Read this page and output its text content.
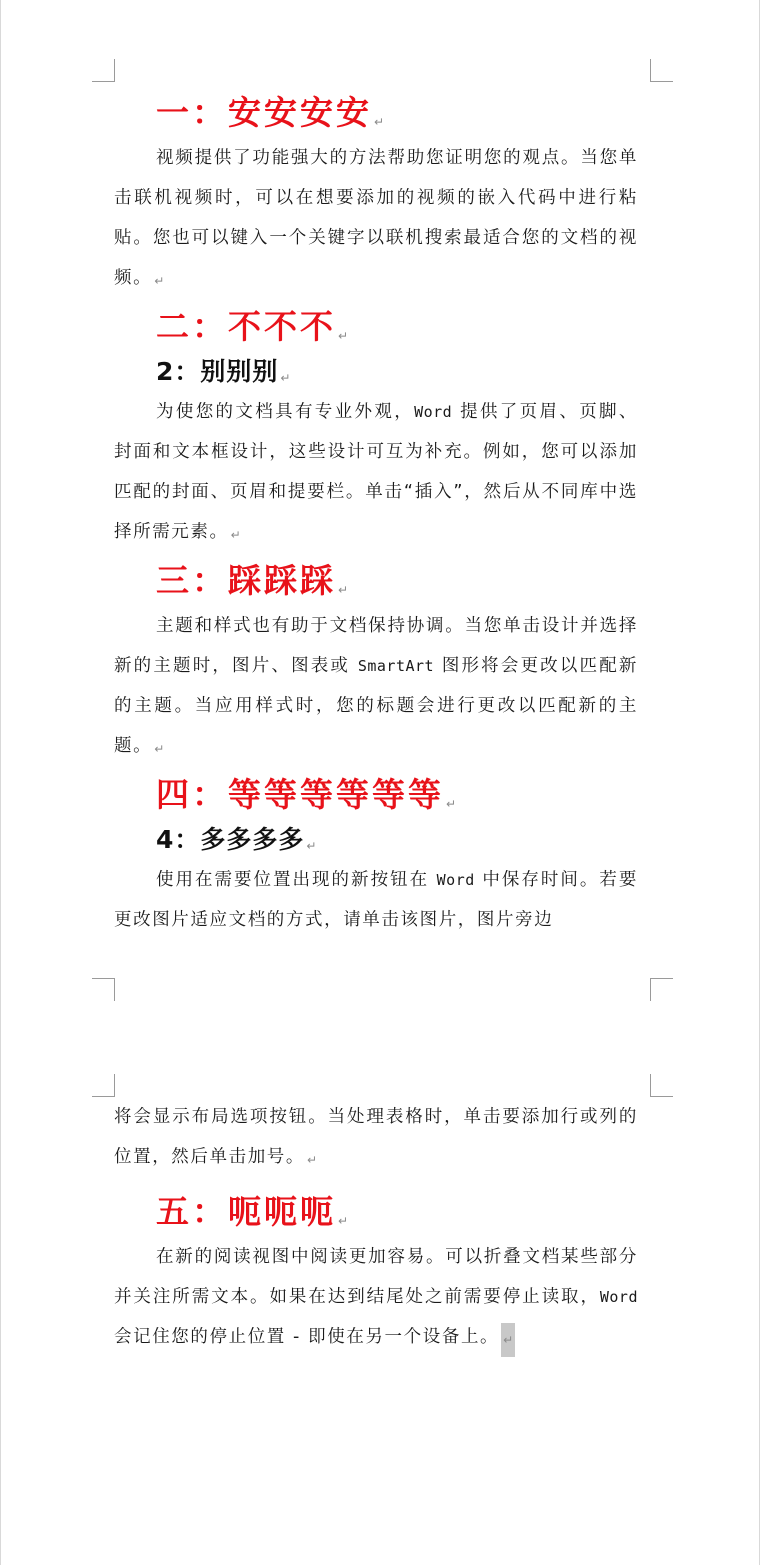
一：安安安安 ↵

视频提供了功能强大的方法帮助您证明您的观点。当您单击联机视频时，可以在想要添加的视频的嵌入代码中进行粘贴。您也可以键入一个关键字以联机搜索最适合您的文档的视频。 ↵

二：不不不 ↵
2：别别别 ↵

为使您的文档具有专业外观，Word 提供了页眉、页脚、封面和文本框设计，这些设计可互为补充。例如，您可以添加匹配的封面、页眉和提要栏。单击“插入”，然后从不同库中选择所需元素。 ↵

三：踩踩踩 ↵

主题和样式也有助于文档保持协调。当您单击设计并选择新的主题时，图片、图表或 SmartArt 图形将会更改以匹配新的主题。当应用样式时，您的标题会进行更改以匹配新的主题。 ↵

四：等等等等等等 ↵
4：多多多多 ↵

使用在需要位置出现的新按钮在 Word 中保存时间。若要更改图片适应文档的方式，请单击该图片，图片旁边

将会显示布局选项按钮。当处理表格时，单击要添加行或列的位置，然后单击加号。 ↵

五：呃呃呃 ↵

在新的阅读视图中阅读更加容易。可以折叠文档某些部分并关注所需文本。如果在达到结尾处之前需要停止读取，Word 会记住您的停止位置 - 即使在另一个设备上。 ↵
